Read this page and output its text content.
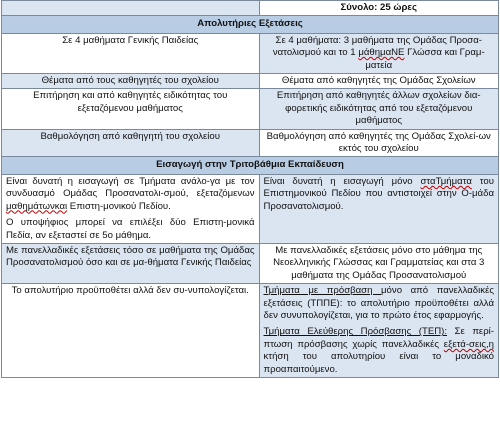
	Σύνολο: 25 ώρες
Απολυτήριες Εξετάσεις	
Σε 4 μαθήματα Γενικής Παιδείας	Σε 4 μαθήματα: 3 μαθήματα της Ομάδας Προσα-νατολισμού και το 1 μάθημαΝΕ Γλώσσα και Γραμ-ματεία
Θέματα από τους καθηγητές του σχολείου	Θέματα από καθηγητές της Ομάδας Σχολείων
Επιτήρηση και από καθηγητές ειδικότητας του εξεταζόμενου μαθήματος	Επιτήρηση από καθηγητές άλλων σχολείων δια-φορετικής ειδικότητας από του εξεταζόμενου μαθήματος
Βαθμολόγηση από καθηγητή του σχολείου	Βαθμολόγηση από καθηγητές της Ομάδας Σχολεί-ων εκτός του σχολείου
Εισαγωγή στην Τριτοβάθμια Εκπαίδευση	

Είναι δυνατή η εισαγωγή σε Τμήματα ανάλο-γα με τον συνδυασμό Ομάδας Προσανατολι-σμού, εξεταζόμενων μαθημάτωνκαι Επιστη-μονικού Πεδίου.

Ο υποψήφιος μπορεί να επιλέξει δύο Επιστη-μονικά Πεδία, αν εξεταστεί σε 5ο μάθημα.	Είναι δυνατή η εισαγωγή μόνο σταΤμήματα του Επιστημονικού Πεδίου που αντιστοιχεί στην Ο-μάδα Προσανατολισμού.
Με πανελλαδικές εξετάσεις τόσο σε μαθήματα της Ομάδας Προσανατολισμού όσο και σε μα-θήματα Γενικής Παιδείας	Με πανελλαδικές εξετάσεις μόνο στο μάθημα της Νεοελληνικής Γλώσσας και Γραμματείας και στα 3 μαθήματα της Ομάδας Προσανατολισμού
Το απολυτήριο προϋποθέτει αλλά δεν συ-νυπολογίζεται.	Τμήματα με πρόσβαση μόνο από πανελλαδικές εξετάσεις (ΤΠΠΕ): το απολυτήριο προϋποθέτει αλλά δεν συνυπολογίζεται, για το πρώτο έτος εφαρμογής.

Τμήματα Ελεύθερης Πρόσβασης (ΤΕΠ): Σε περί-πτωση πρόσβασης χωρίς πανελλαδικές εξετά-σεις,η κτήση του απολυτηρίου είναι το μοναδικό προαπαιτούμενο.
